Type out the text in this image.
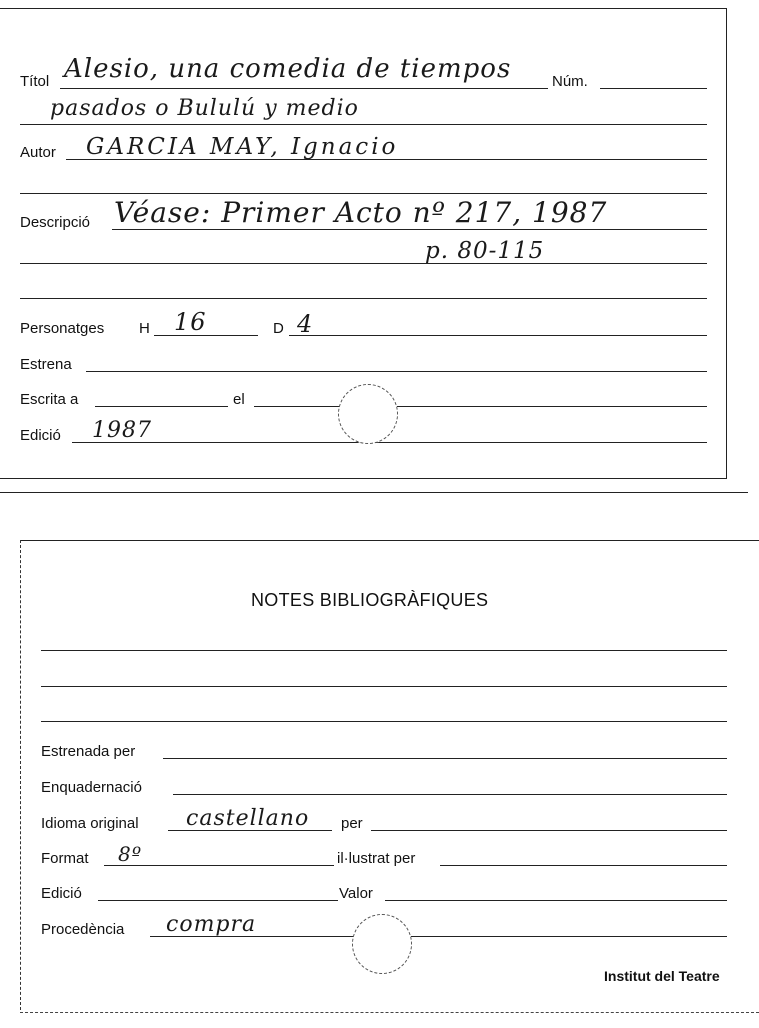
Títol Alesio, una comedia de tiempos	Núm.
pasados o Bululú y medio
Autor GARCIA MAY, Ignacio
Descripció Véase: Primer Acto nº 217, 1987
p. 80-115
Personatges H 16	D 4
Estrena
Escrita a	el
Edició 1987
NOTES BIBLIOGRÀFIQUES
Estrenada per
Enquadernació
Idioma original castellano per
Format 8º	il·lustrat per
Edició	Valor
Procedència compra
Institut del Teatre
